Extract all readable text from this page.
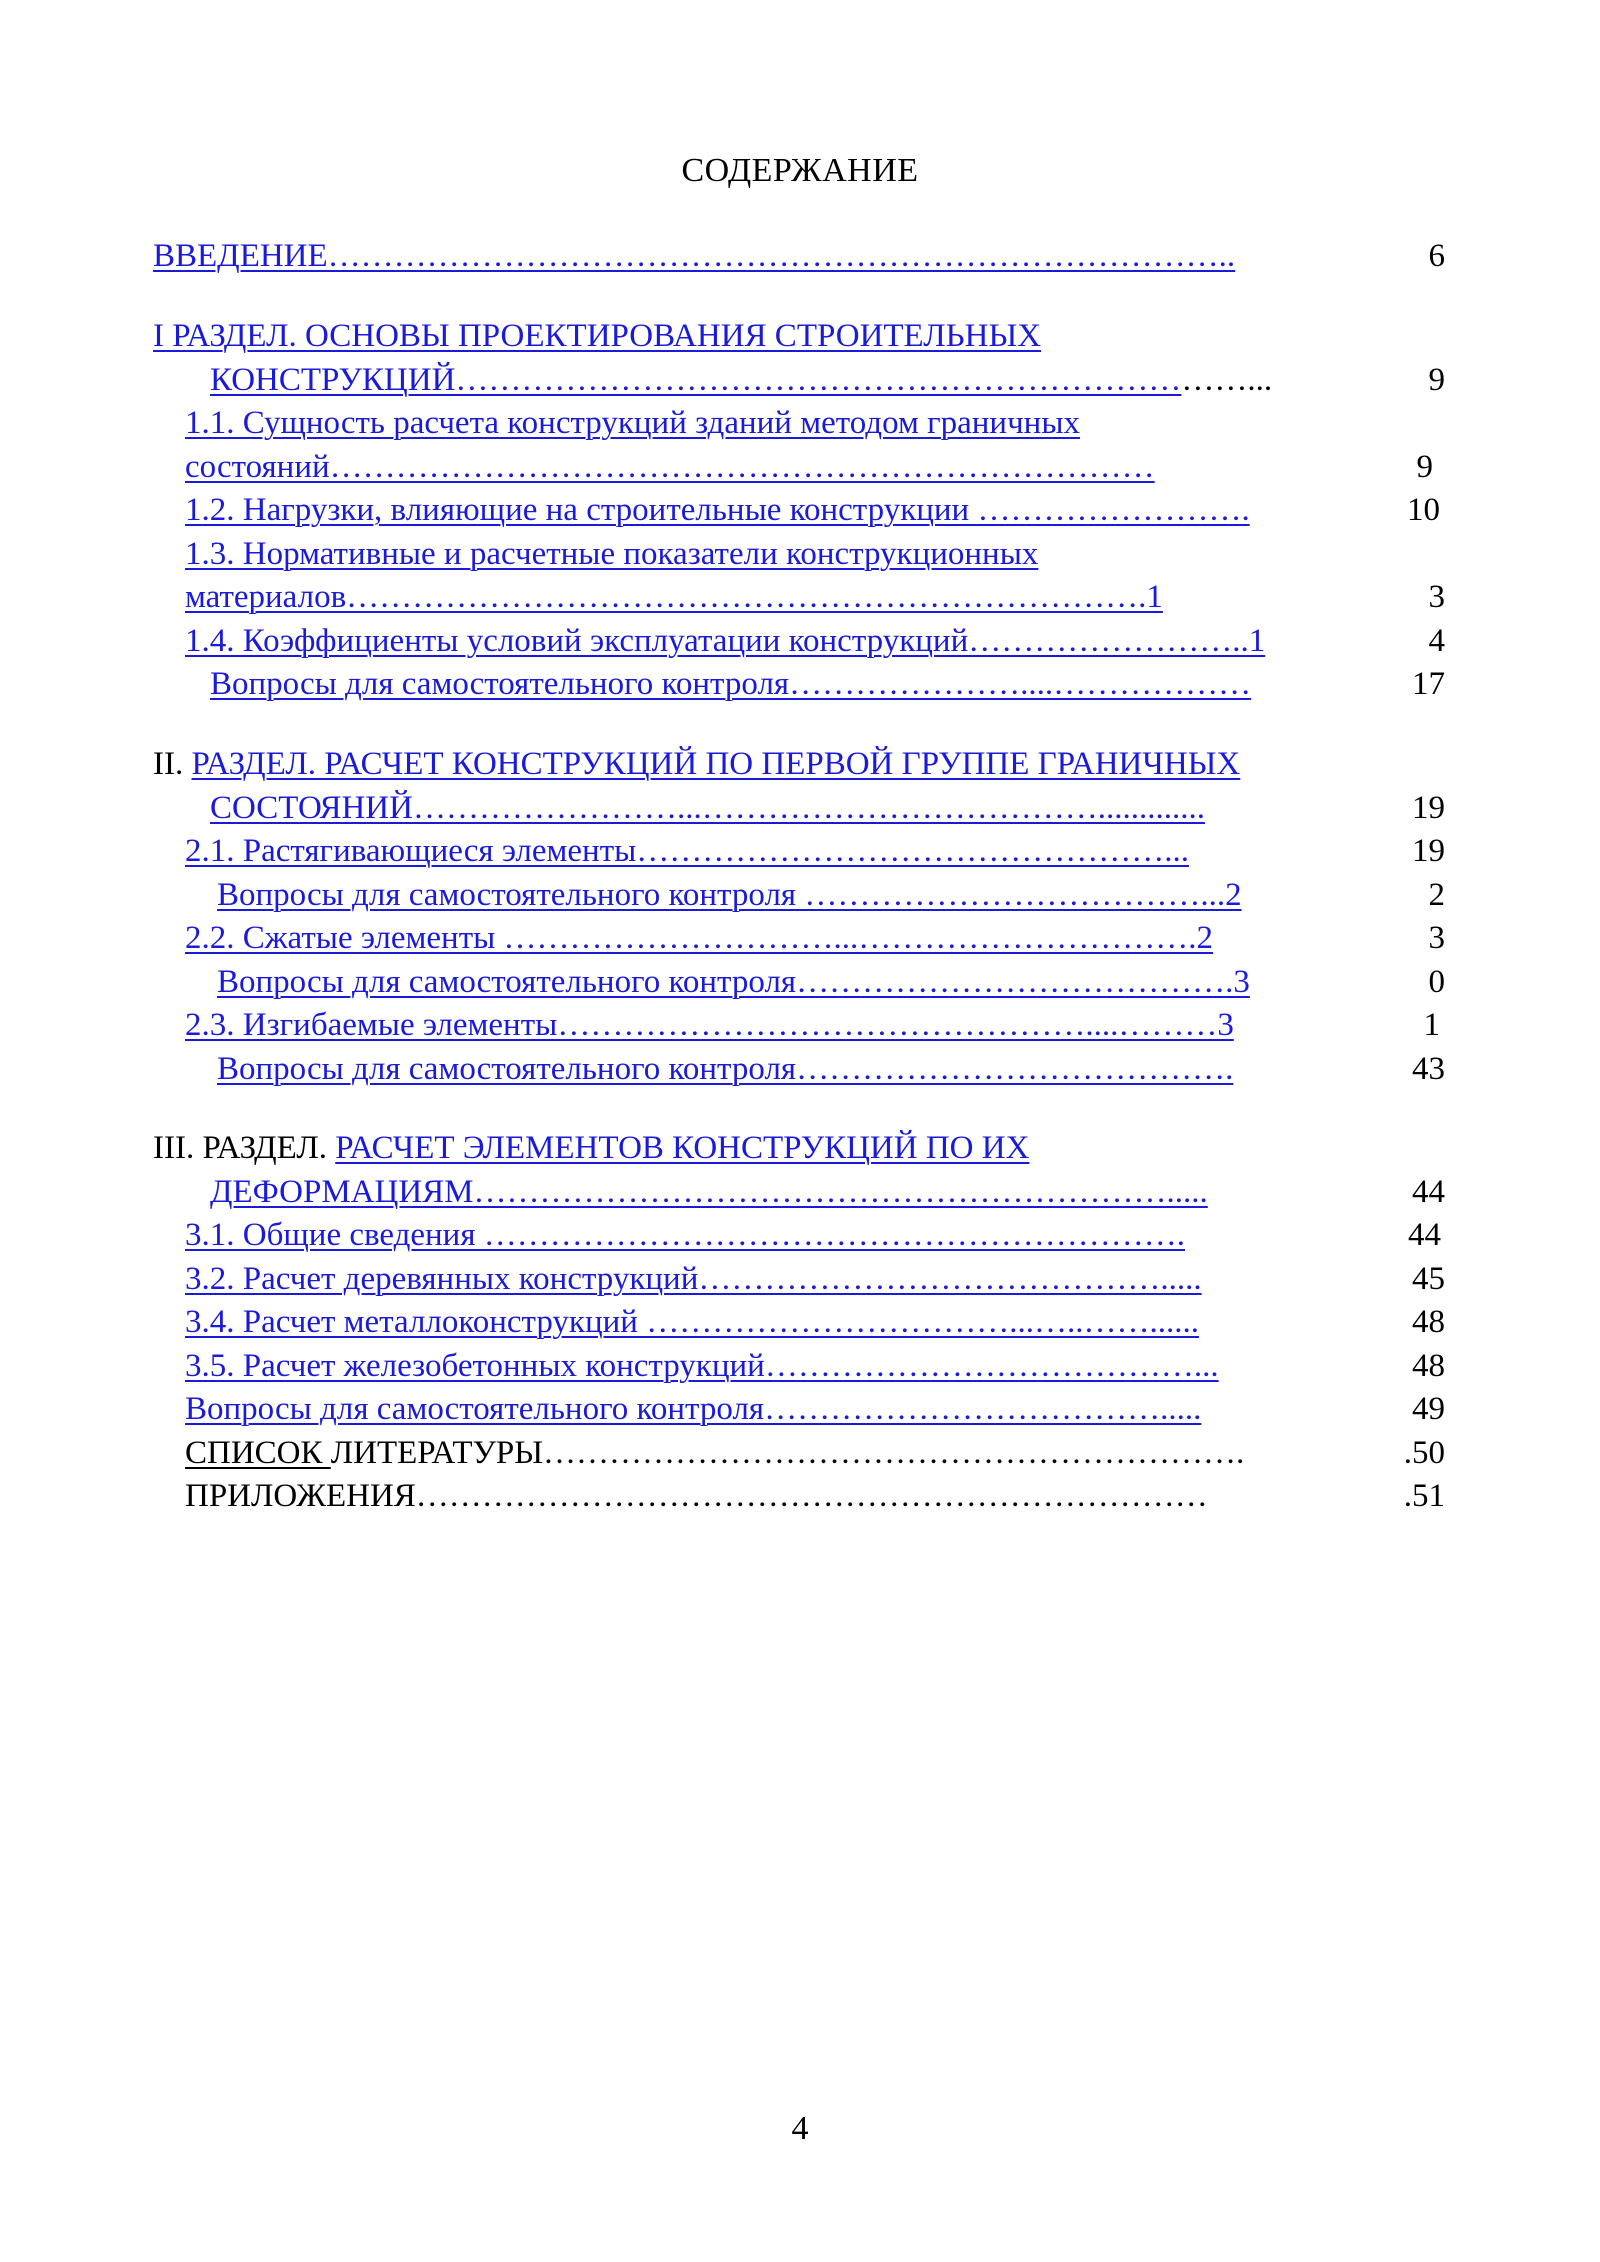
СОДЕРЖАНИЕ
ВВЕДЕНИЕ………………………………………………………………………..	6
I РАЗДЕЛ. ОСНОВЫ ПРОЕКТИРОВАНИЯ СТРОИТЕЛЬНЫХ
КОНСТРУКЦИЙ………………………………………………………………...	9
1.1. Сущность расчета конструкций зданий методом граничных
состояний…………………………………………………………………	9
1.2. Нагрузки, влияющие на строительные конструкции …………………….	10
1.3. Нормативные и расчетные показатели конструкционных
материалов……………………………………………………………….1	3
1.4. Коэффициенты условий эксплуатации конструкций……………………..1	4
Вопросы для самостоятельного контроля…………………....………………	17
II. РАЗДЕЛ. РАСЧЕТ КОНСТРУКЦИЙ ПО ПЕРВОЙ ГРУППЕ ГРАНИЧНЫХ
СОСТОЯНИЙ……………………...……………………………….............	19
2.1. Растягивающиеся элементы…………………………………………...	19
Вопросы для самостоятельного контроля ………………………………...2	2
2.2. Сжатые элементы …………………………...………………………….2	3
Вопросы для самостоятельного контроля………………………………….3	0
2.3. Изгибаемые элементы…………………………………………....………3	1
Вопросы для самостоятельного контроля………………………………….	43
III. РАЗДЕЛ. РАСЧЕТ ЭЛЕМЕНТОВ КОНСТРУКЦИЙ ПО ИХ
ДЕФОРМАЦИЯМ……………………………………………………….....	44
3.1. Общие сведения ……………………………………………………….	44
3.2. Расчет деревянных конструкций…………………………………….....	45
3.4. Расчет металлоконструкций ……………………………...…..……......	48
3.5. Расчет железобетонных конструкций…………………………………...	48
Вопросы для самостоятельного контроля……………………………….....	49
СПИСОК ЛИТЕРАТУРЫ……………………………………………………….	.50
ПРИЛОЖЕНИЯ………………………………………………………………	.51
4
